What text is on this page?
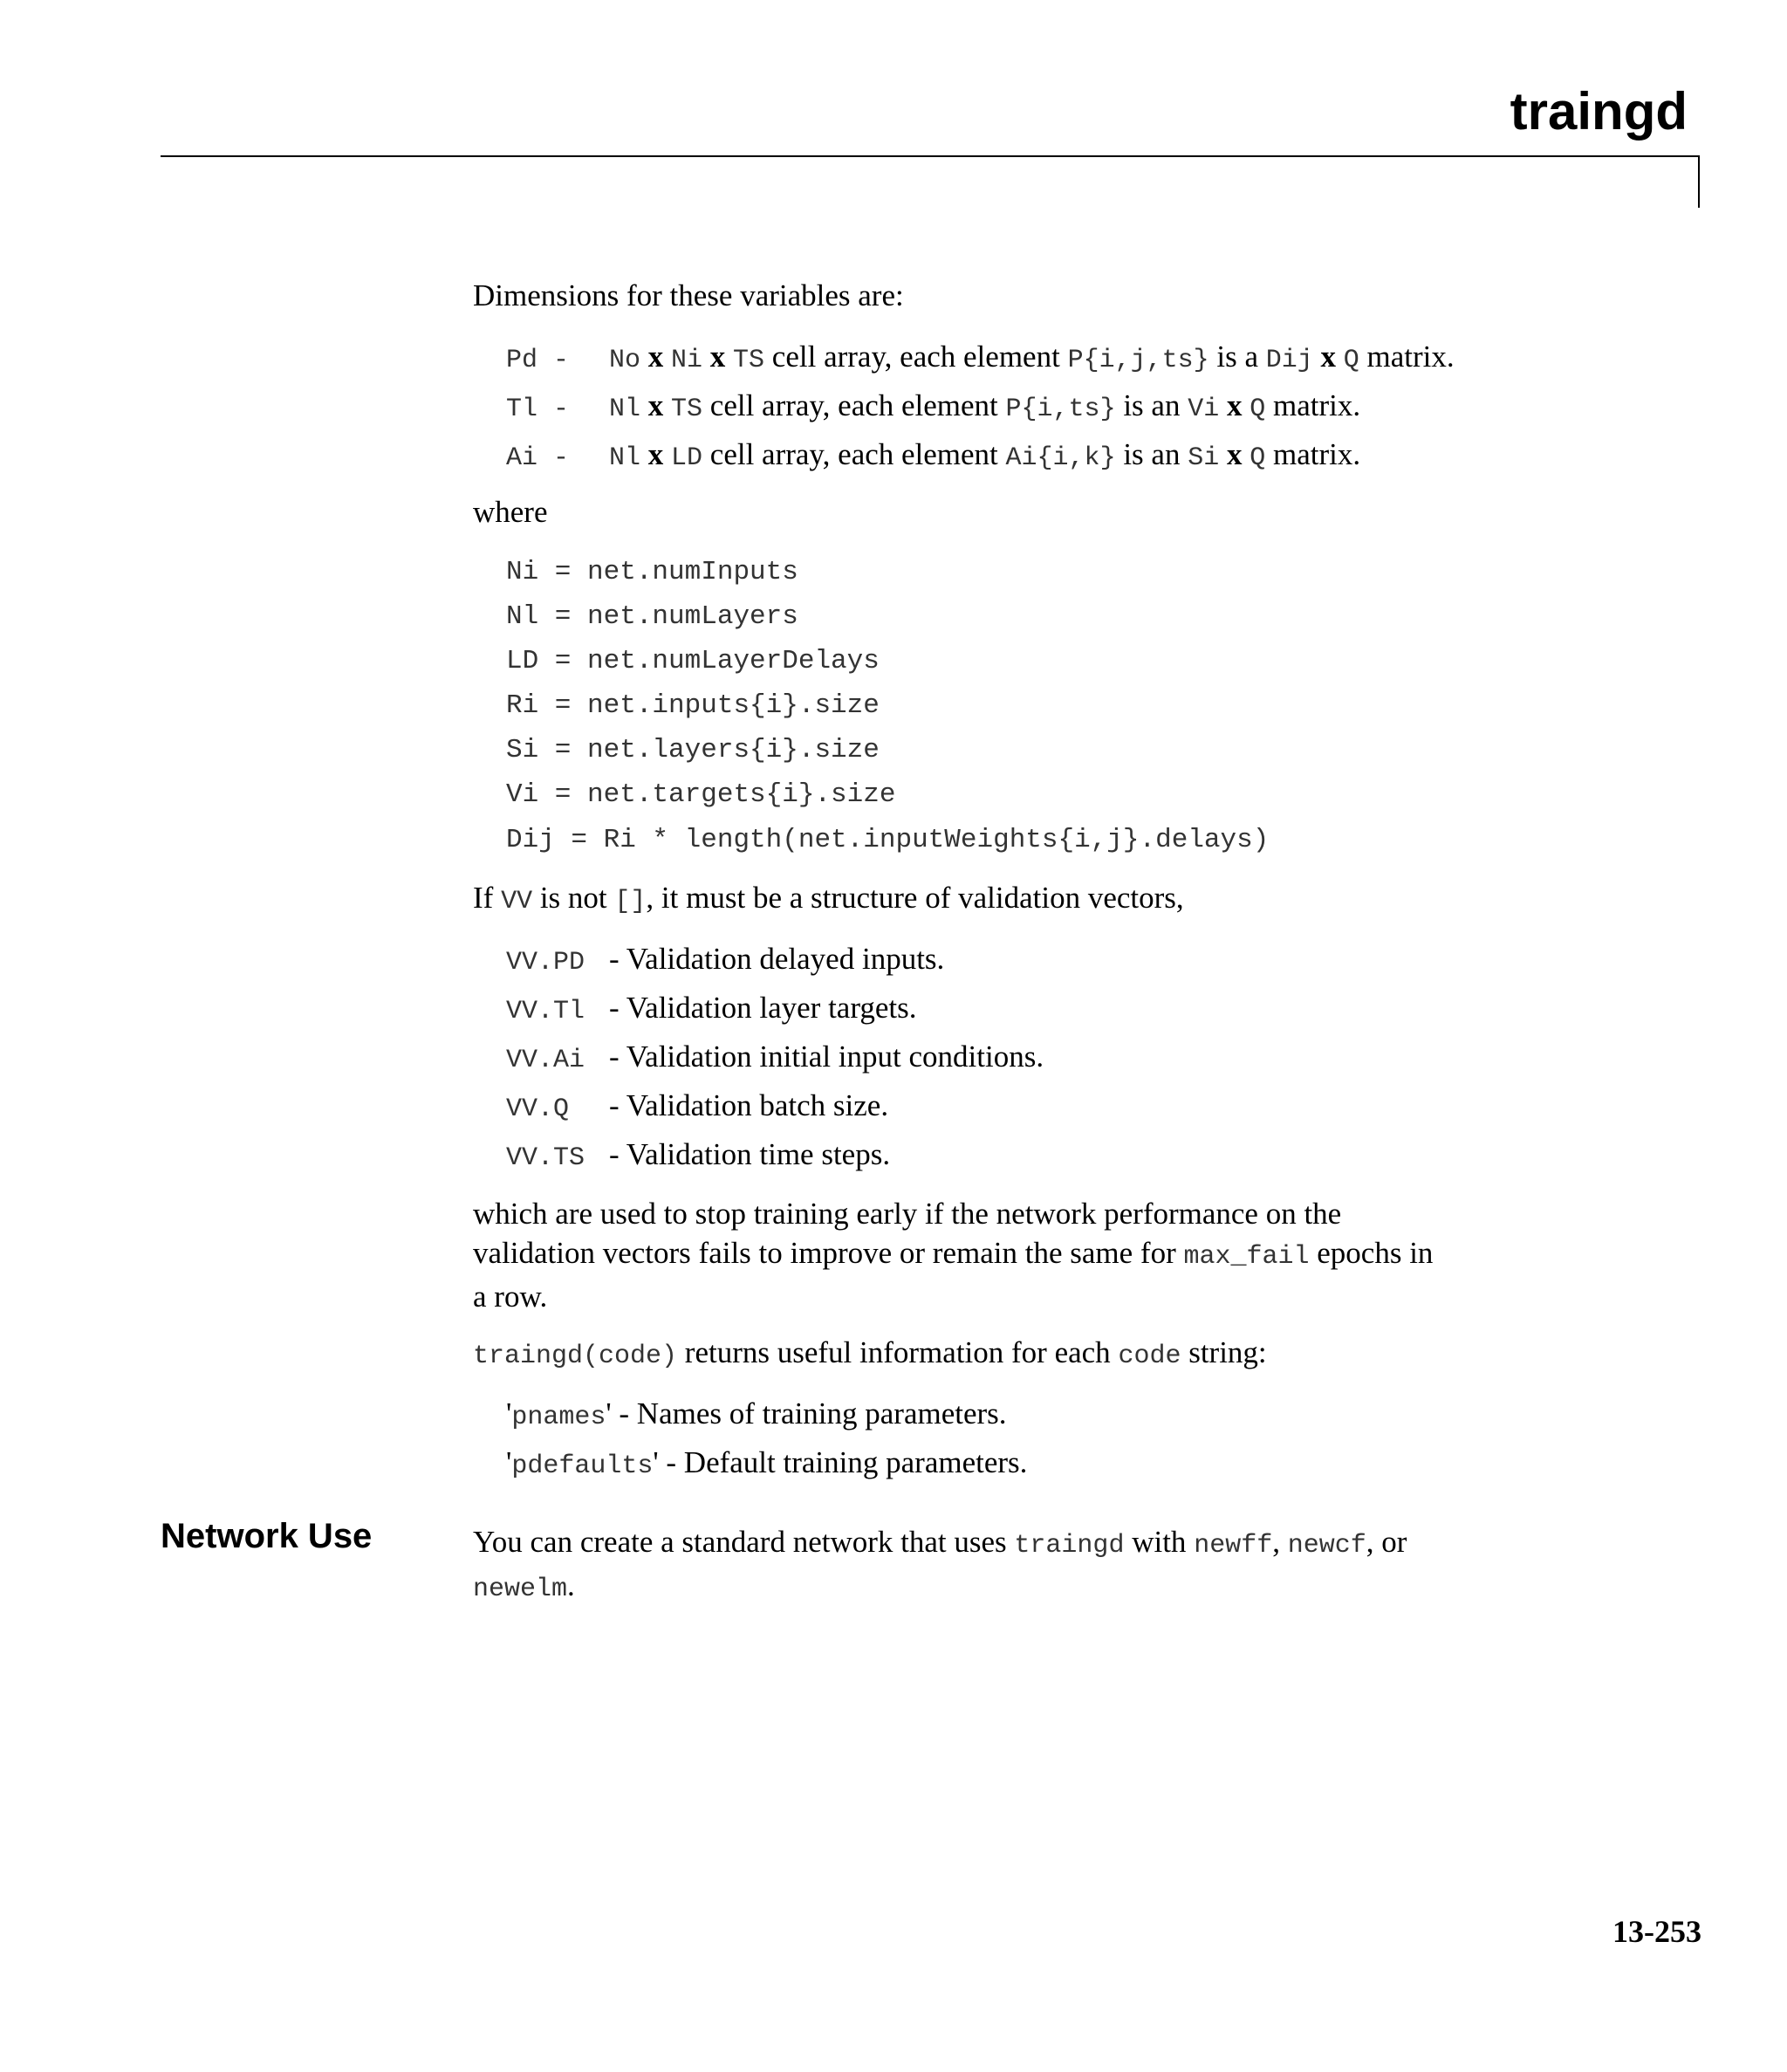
traingd
Dimensions for these variables are:
Pd - No x Ni x TS cell array, each element P{i,j,ts} is a Dij x Q matrix.
Tl - Nl x TS cell array, each element P{i,ts} is an Vi x Q matrix.
Ai - Nl x LD cell array, each element Ai{i,k} is an Si x Q matrix.
where
Ni = net.numInputs
Nl = net.numLayers
LD = net.numLayerDelays
Ri = net.inputs{i}.size
Si = net.layers{i}.size
Vi = net.targets{i}.size
Dij = Ri * length(net.inputWeights{i,j}.delays)
If VV is not [], it must be a structure of validation vectors,
VV.PD - Validation delayed inputs.
VV.Tl - Validation layer targets.
VV.Ai - Validation initial input conditions.
VV.Q - Validation batch size.
VV.TS - Validation time steps.
which are used to stop training early if the network performance on the
validation vectors fails to improve or remain the same for max_fail epochs in
a row.
traingd(code) returns useful information for each code string:
'pnames' - Names of training parameters.
'pdefaults' - Default training parameters.
Network Use	You can create a standard network that uses traingd with newff, newcf, or
newelm.
13-253
